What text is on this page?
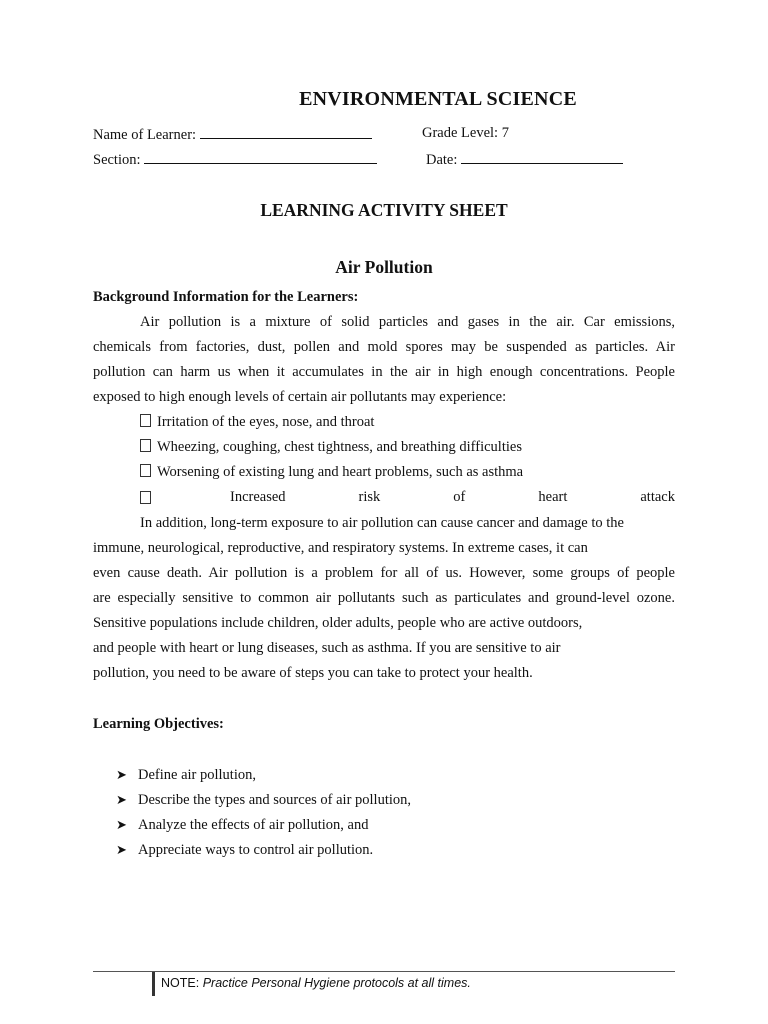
ENVIRONMENTAL SCIENCE
Name of Learner:	Grade Level: 7
Section:	Date:
LEARNING ACTIVITY SHEET
Air Pollution
Background Information for the Learners:
Air pollution is a mixture of solid particles and gases in the air. Car emissions,
chemicals from factories, dust, pollen and mold spores may be suspended as particles. Air
pollution can harm us when it accumulates in the air in high enough concentrations. People
exposed to high enough levels of certain air pollutants may experience:
Irritation of the eyes, nose, and throat
Wheezing, coughing, chest tightness, and breathing difficulties
Worsening of existing lung and heart problems, such as asthma
Increased	risk	of	heart	attack
In addition, long-term exposure to air pollution can cause cancer and damage to the
immune, neurological, reproductive, and respiratory systems. In extreme cases, it can
even cause death. Air pollution is a problem for all of us. However, some groups of people
are especially sensitive to common air pollutants such as particulates and ground-level ozone.
Sensitive populations include children, older adults, people who are active outdoors,
and people with heart or lung diseases, such as asthma. If you are sensitive to air
pollution, you need to be aware of steps you can take to protect your health.
Learning Objectives:
➤ Define air pollution,
➤ Describe the types and sources of air pollution,
➤ Analyze the effects of air pollution, and
➤ Appreciate ways to control air pollution.
NOTE: Practice Personal Hygiene protocols at all times.
